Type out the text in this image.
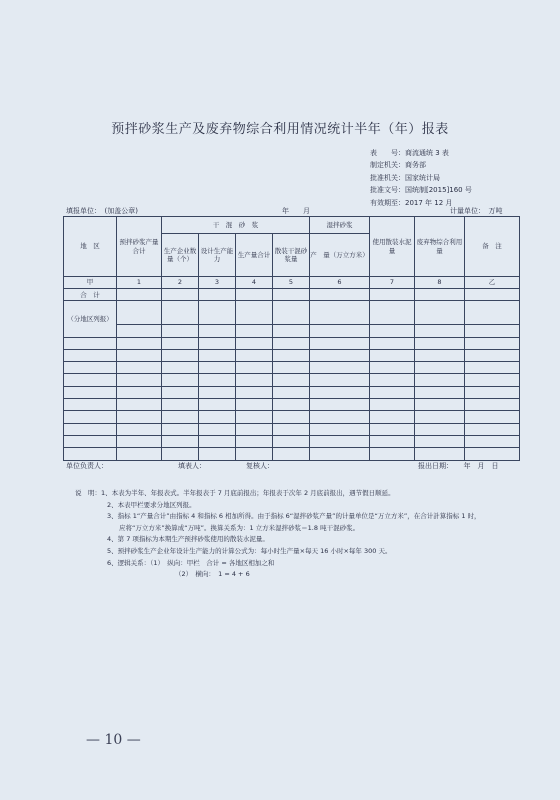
预拌砂浆生产及废弃物综合利用情况统计半年（年）报表
表　　号：商流通统 3 表
制定机关：商务部
批准机关：国家统计局
批准文号：国统制[2015]160 号
有效期至：2017 年 12 月
填报单位：　(加盖公章)	年　　月	计量单位：　万吨
地　区	预拌砂浆产量合计	干　混　砂　浆				湿拌砂浆	使用散装水泥量	废弃物综合利用量	备　注
		生产企业数量（个）	设计生产能力	生产量合计	散装干混砂浆量	产　量（万立方米）			
甲	1	2	3	4	5	6	7	8	乙
合　计									
（分地区列报）									

单位负责人：	填表人：	复核人：	报出日期：　　年　月　日
说　明：1、本表为半年、年报表式。半年报表于 7 月底前报出；年报表于次年 2 月底前报出，遇节假日顺延。
2、本表甲栏要求分地区列报。
3、指标 1“产量合计”由指标 4 和指标 6 相加所得。由于指标 6“湿拌砂浆产量”的计量单位是“万立方米”，在合计計算指标 1 时，
应将“万立方米”换算成“万吨”。换算关系为：1 立方米湿拌砂浆＝1.8 吨干混砂浆。
4、第 7 项指标为本期生产预拌砂浆使用的散装水泥量。
5、预拌砂浆生产企业年设计生产能力的计算公式为：每小时生产量×每天 16 小时×每年 300 天。
6、逻辑关系：（1）　纵向：甲栏　合计 = 各地区相加之和
（2）　横向：　1 = 4 + 6
— 10 —
